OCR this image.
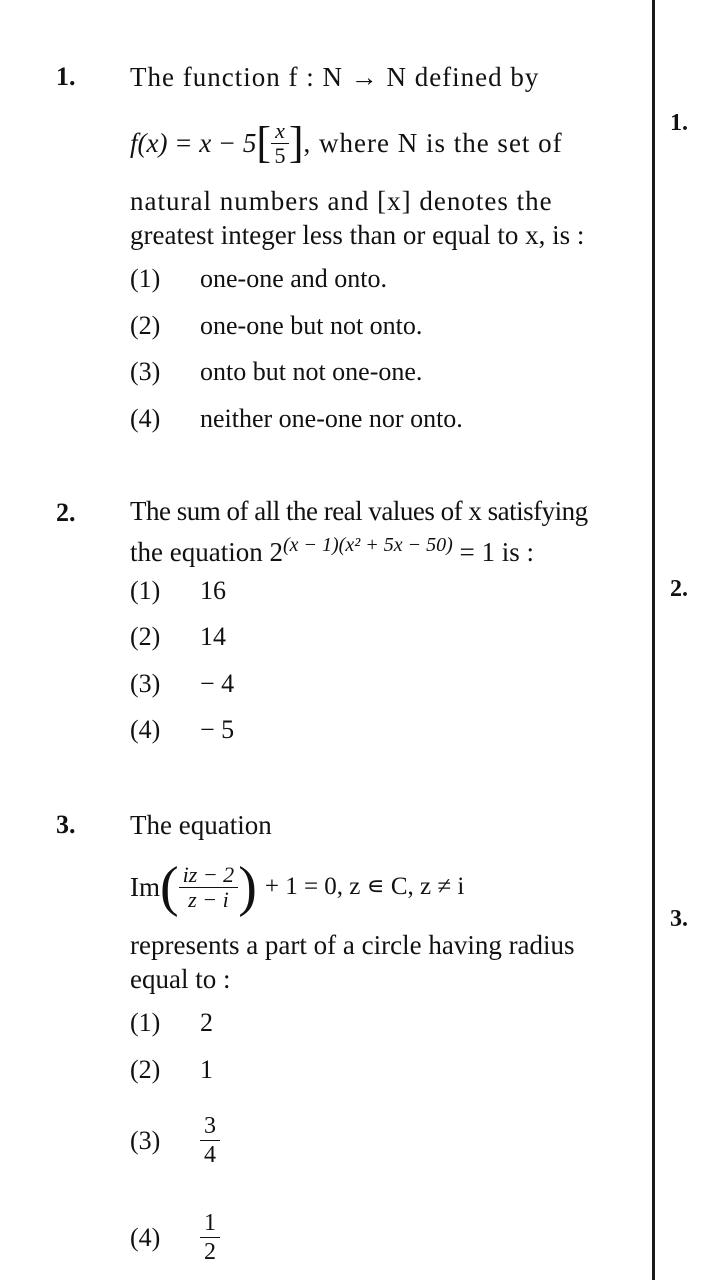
1. The function f : N → N defined by
f(x) = x − 5 [ $\frac{x}{5}$ ] , where N is the set of
natural numbers and [x] denotes the
greatest integer less than or equal to x, is :
(1) one-one and onto.
(2) one-one but not onto.
(3) onto but not one-one.
(4) neither one-one nor onto.
2. The sum of all the real values of x satisfying
the equation $2^{(x - 1)(x^2 + 5x - 50)} = 1$ is :
(1) 16
(2) 14
(3) − 4
(4) − 5
3. The equation
Im ( $\frac{iz - 2}{z - i}$ ) + 1 = 0, z ∊ C, z ≠ i
represents a part of a circle having radius
equal to :
(1) 2
(2) 1
(3)	$\frac{3}{4}$
(4)	$\frac{1}{2}$
1.
2.
3.
